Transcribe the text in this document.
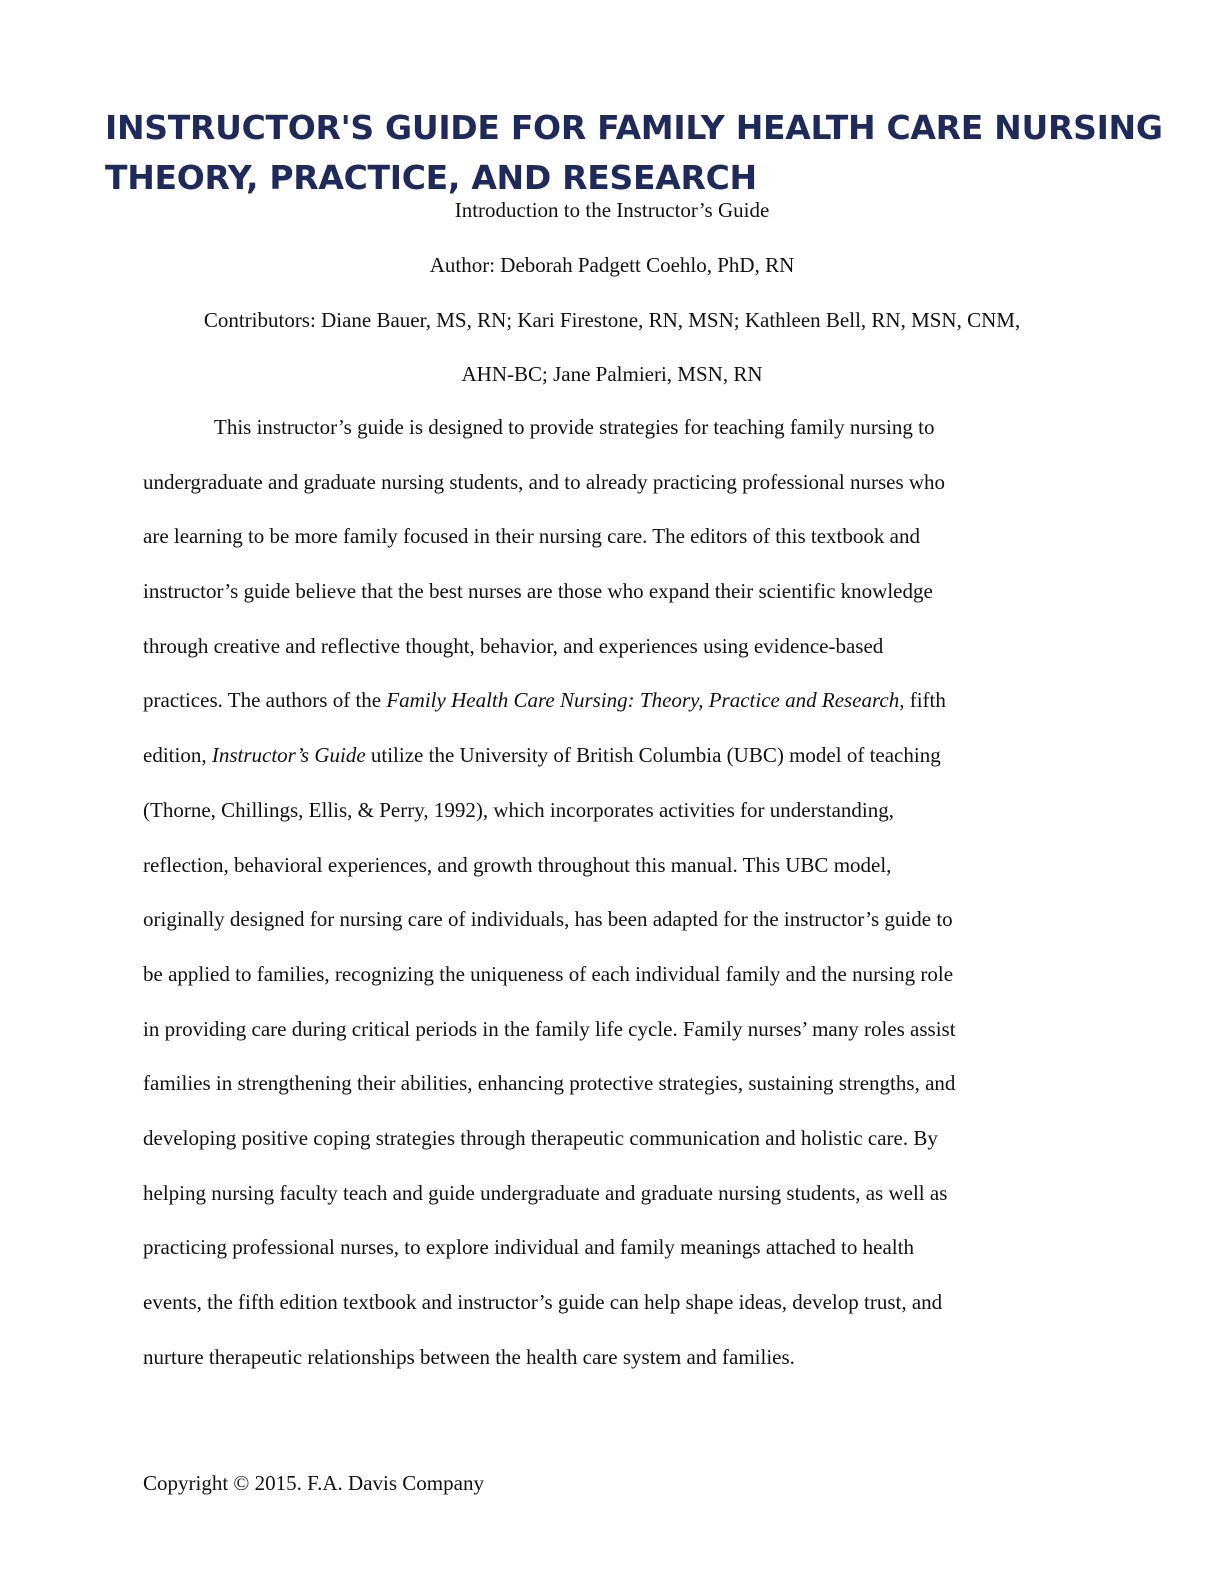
INSTRUCTOR'S GUIDE FOR FAMILY HEALTH CARE NURSING
THEORY, PRACTICE, AND RESEARCH

Introduction to the Instructor’s Guide

Author: Deborah Padgett Coehlo, PhD, RN

Contributors: Diane Bauer, MS, RN; Kari Firestone, RN, MSN; Kathleen Bell, RN, MSN, CNM,

AHN-BC; Jane Palmieri, MSN, RN

This instructor’s guide is designed to provide strategies for teaching family nursing to
undergraduate and graduate nursing students, and to already practicing professional nurses who
are learning to be more family focused in their nursing care. The editors of this textbook and
instructor’s guide believe that the best nurses are those who expand their scientific knowledge
through creative and reflective thought, behavior, and experiences using evidence-based
practices. The authors of the Family Health Care Nursing: Theory, Practice and Research, fifth
edition, Instructor’s Guide utilize the University of British Columbia (UBC) model of teaching
(Thorne, Chillings, Ellis, & Perry, 1992), which incorporates activities for understanding,
reflection, behavioral experiences, and growth throughout this manual. This UBC model,
originally designed for nursing care of individuals, has been adapted for the instructor’s guide to
be applied to families, recognizing the uniqueness of each individual family and the nursing role
in providing care during critical periods in the family life cycle. Family nurses’ many roles assist
families in strengthening their abilities, enhancing protective strategies, sustaining strengths, and
developing positive coping strategies through therapeutic communication and holistic care. By
helping nursing faculty teach and guide undergraduate and graduate nursing students, as well as
practicing professional nurses, to explore individual and family meanings attached to health
events, the fifth edition textbook and instructor’s guide can help shape ideas, develop trust, and
nurture therapeutic relationships between the health care system and families.

Copyright © 2015. F.A. Davis Company
